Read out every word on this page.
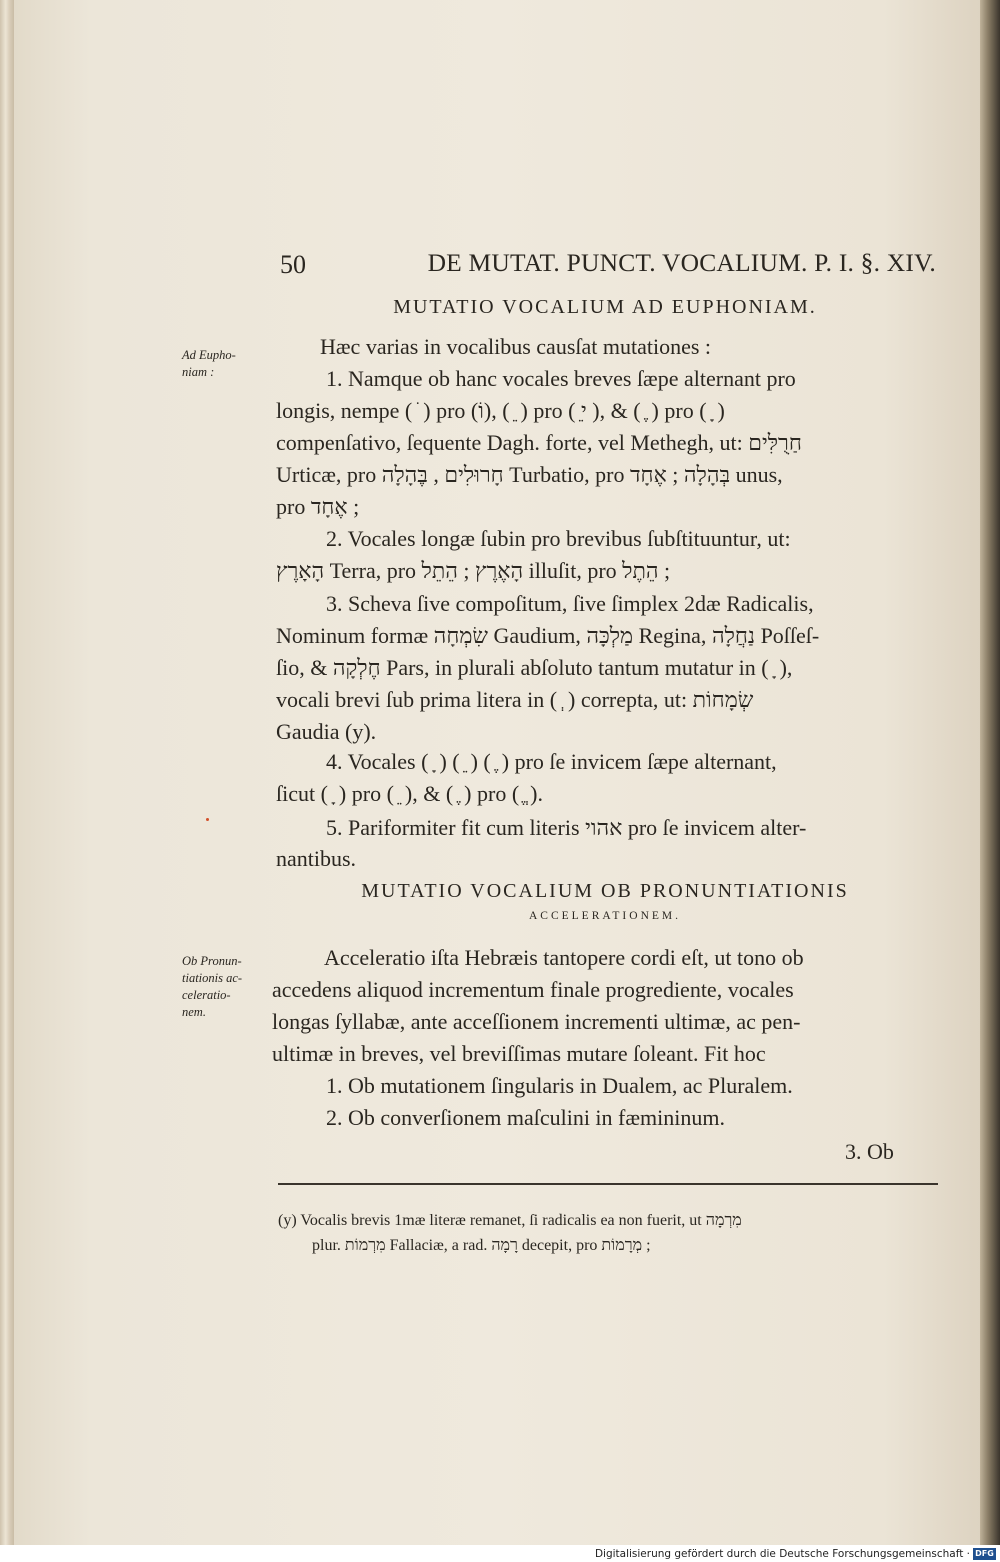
50	DE MUTAT. PUNCT. VOCALIUM. P. I. §. XIV.
MUTATIO VOCALIUM AD EUPHONIAM.
Ad Eupho-
niam :
Hæc varias in vocalibus causſat mutationes :
1. Namque ob hanc vocales breves ſæpe alternant pro
longis, nempe ( ֹ ) pro (וֹ), ( ֵ ) pro ( ֵי ), & ( ֶ ) pro ( ָ )
compenſativo, ſequente Dagh. forte, vel Methegh, ut: חַרֻלִּים
Urticæ, pro חָרוּלִים , בֶּהָלָה Turbatio, pro בְּהָלָה ; אֶחָד unus,
pro אֶחָד ;
2. Vocales longæ ſubin pro brevibus ſubſtituuntur, ut:
הָאָרֶץ Terra, pro הָאֶרֶץ ; הֵתֵל illuſit, pro הֵתֶל ;
3. Scheva ſive compoſitum, ſive ſimplex 2dæ Radicalis,
Nominum formæ שִׂמְחָה Gaudium, מַלְכָּה Regina, נַחֲלָה Poſſeſ-
ſio, & חֶלְקָה Pars, in plurali abſoluto tantum mutatur in ( ָ ),
vocali brevi ſub prima litera in ( ְ ) correpta, ut: שְׂמָחוֹת
Gaudia (y).
4. Vocales ( ָ ) ( ֵ ) ( ֶ ) pro ſe invicem ſæpe alternant,
ſicut ( ָ ) pro ( ֵ ), & ( ֶ ) pro ( ֱ ).
5. Pariformiter fit cum literis אהוי pro ſe invicem alter-
nantibus.
MUTATIO VOCALIUM OB PRONUNTIATIONIS
ACCELERATIONEM.
Ob Pronun-
tiationis ac-
celeratio-
nem.
Acceleratio iſta Hebræis tantopere cordi eſt, ut tono ob
accedens aliquod incrementum finale progrediente, vocales
longas ſyllabæ, ante acceſſionem incrementi ultimæ, ac pen-
ultimæ in breves, vel breviſſimas mutare ſoleant. Fit hoc
1. Ob mutationem ſingularis in Dualem, ac Pluralem.
2. Ob converſionem maſculini in fæmininum.
3. Ob
(y) Vocalis brevis 1mæ literæ remanet, ſi radicalis ea non fuerit, ut מִרְמָה
plur. מִרְמוֹת Fallaciæ, a rad. רָמָה decepit, pro מְרָמוֹת ;
Digitalisierung gefördert durch die Deutsche Forschungsgemeinschaft · DFG
